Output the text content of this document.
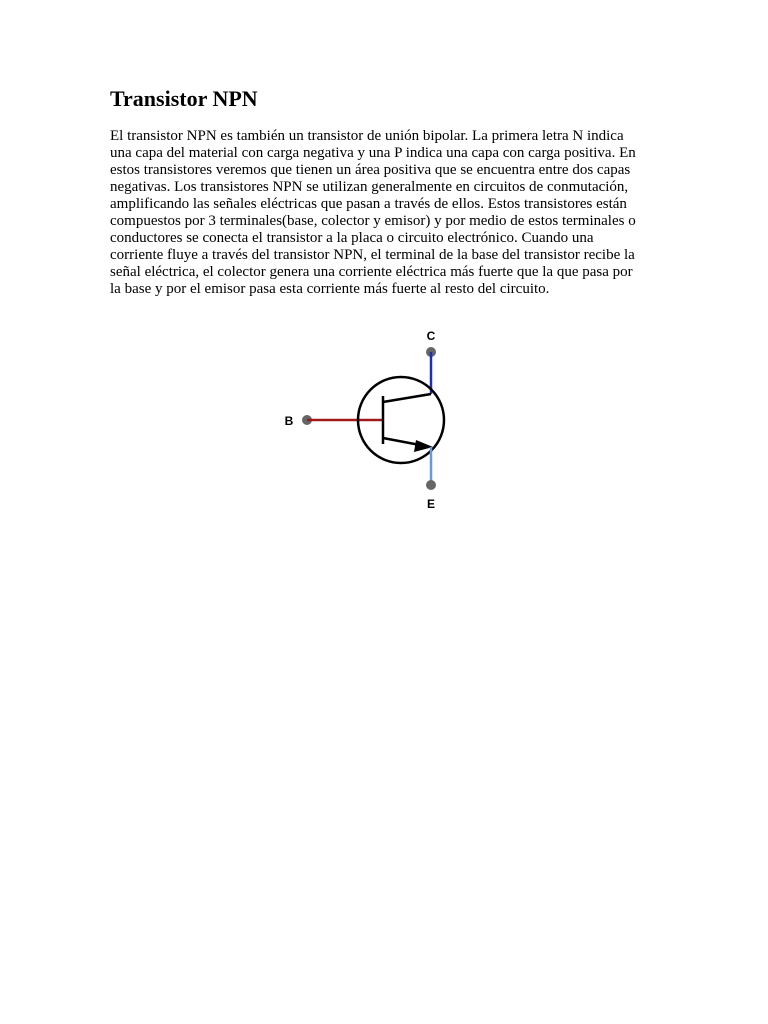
Transistor NPN

El transistor NPN es también un transistor de unión bipolar. La primera letra N indica
una capa del material con carga negativa y una P indica una capa con carga positiva. En
estos transistores veremos que tienen un área positiva que se encuentra entre dos capas
negativas. Los transistores NPN se utilizan generalmente en circuitos de conmutación,
amplificando las señales eléctricas que pasan a través de ellos. Estos transistores están
compuestos por 3 terminales(base, colector y emisor) y por medio de estos terminales o
conductores se conecta el transistor a la placa o circuito electrónico. Cuando una
corriente fluye a través del transistor NPN, el terminal de la base del transistor recibe la
señal eléctrica, el colector genera una corriente eléctrica más fuerte que la que pasa por
la base y por el emisor pasa esta corriente más fuerte al resto del circuito.

C
B
E
